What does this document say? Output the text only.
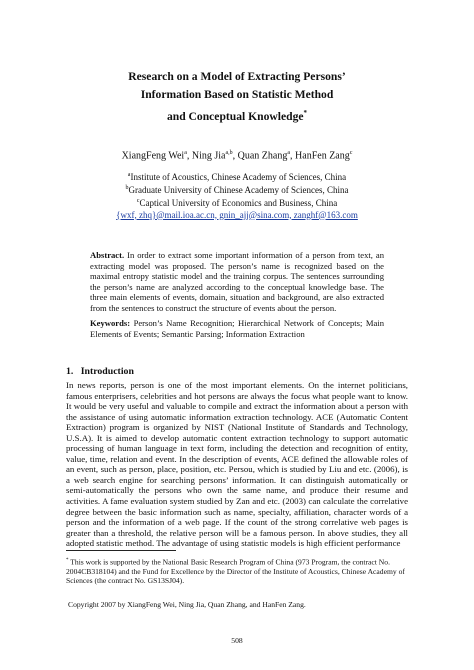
Research on a Model of Extracting Persons’
Information Based on Statistic Method
and Conceptual Knowledge*
XiangFeng Wei$^a$, Ning Jia$^{a,b}$, Quan Zhang$^a$, HanFen Zang$^c$
$^a$Institute of Acoustics, Chinese Academy of Sciences, China
$^b$Graduate University of Chinese Academy of Sciences, China
$^c$Captical University of Economics and Business, China
{wxf, zhq}@mail.ioa.ac.cn, gnin_ajj@sina.com, zanghf@163.com
Abstract. In order to extract some important information of a person from text, an extracting model was proposed. The person’s name is recognized based on the maximal entropy statistic model and the training corpus. The sentences surrounding the person’s name are analyzed according to the conceptual knowledge base. The three main elements of events, domain, situation and background, are also extracted from the sentences to construct the structure of events about the person.
Keywords: Person’s Name Recognition; Hierarchical Network of Concepts; Main Elements of Events; Semantic Parsing; Information Extraction
1. Introduction
In news reports, person is one of the most important elements. On the internet politicians, famous enterprisers, celebrities and hot persons are always the focus what people want to know. It would be very useful and valuable to compile and extract the information about a person with the assistance of using automatic information extraction technology. ACE (Automatic Content Extraction) program is organized by NIST (National Institute of Standards and Technology, U.S.A). It is aimed to develop automatic content extraction technology to support automatic processing of human language in text form, including the detection and recognition of entity, value, time, relation and event. In the description of events, ACE defined the allowable roles of an event, such as person, place, position, etc. Persou, which is studied by Liu and etc. (2006), is a web search engine for searching persons’ information. It can distinguish automatically or semi-automatically the persons who own the same name, and produce their resume and activities. A fame evaluation system studied by Zan and etc. (2003) can calculate the correlative degree between the basic information such as name, specialty, affiliation, character words of a person and the information of a web page. If the count of the strong correlative web pages is greater than a threshold, the relative person will be a famous person. In above studies, they all adopted statistic method. The advantage of using statistic models is high efficient performance
* This work is supported by the National Basic Research Program of China (973 Program, the contract No. 2004CB318104) and the Fund for Excellence by the Director of the Institute of Acoustics, Chinese Academy of Sciences (the contract No. GS13SJ04).
Copyright 2007 by XiangFeng Wei, Ning Jia, Quan Zhang, and HanFen Zang.
508
